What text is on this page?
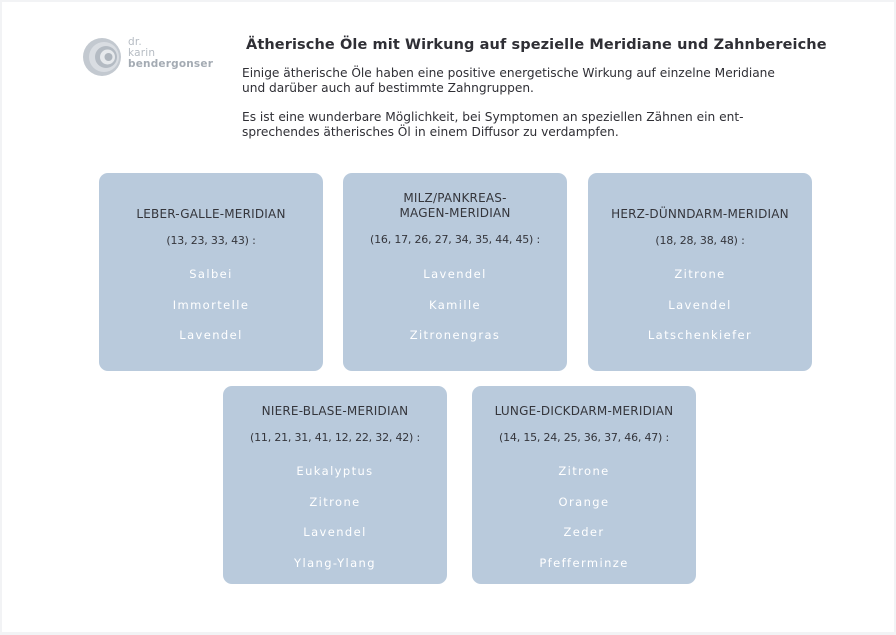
dr.
karin
bendergonser
Ätherische Öle mit Wirkung auf spezielle Meridiane und Zahnbereiche

Einige ätherische Öle haben eine positive energetische Wirkung auf einzelne Meridiane
und darüber auch auf bestimmte Zahngruppen.

Es ist eine wunderbare Möglichkeit, bei Symptomen an speziellen Zähnen ein ent-
sprechendes ätherisches Öl in einem Diffusor zu verdampfen.

LEBER-GALLE-MERIDIAN
(13, 23, 33, 43) :
Salbei
Immortelle
Lavendel
MILZ/PANKREAS-
MAGEN-MERIDIAN
(16, 17, 26, 27, 34, 35, 44, 45) :
Lavendel
Kamille
Zitronengras
HERZ-DÜNNDARM-MERIDIAN
(18, 28, 38, 48) :
Zitrone
Lavendel
Latschenkiefer
NIERE-BLASE-MERIDIAN
(11, 21, 31, 41, 12, 22, 32, 42) :
Eukalyptus
Zitrone
Lavendel
Ylang-Ylang
LUNGE-DICKDARM-MERIDIAN
(14, 15, 24, 25, 36, 37, 46, 47) :
Zitrone
Orange
Zeder
Pfefferminze
